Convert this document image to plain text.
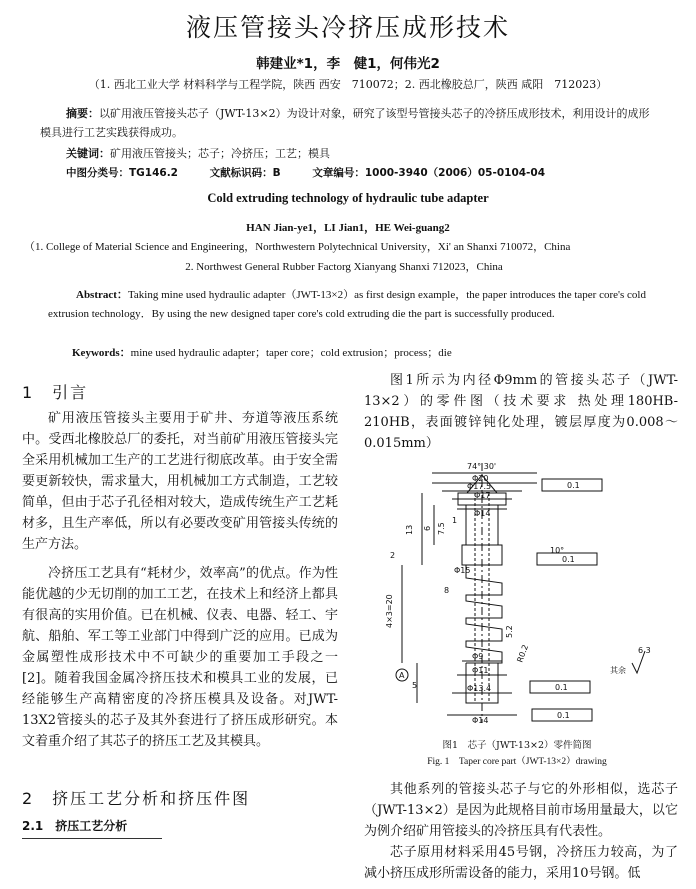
液压管接头冷挤压成形技术
韩建业*1，李　健1，何伟光2
（1. 西北工业大学 材料科学与工程学院，陕西 西安　710072；2. 西北橡胶总厂，陕西 咸阳　712023）
摘要：以矿用液压管接头芯子（JWT-13×2）为设计对象，研究了该型号管接头芯子的冷挤压成形技术，利用设计的成形模具进行工艺实践获得成功。
关键词：矿用液压管接头；芯子；冷挤压；工艺；模具
中图分类号：TG146.2	文献标识码：B	文章编号：1000-3940（2006）05-0104-04
Cold extruding technology of hydraulic tube adapter
HAN Jian-ye1，LI Jian1，HE Wei-guang2
（1. College of Material Science and Engineering，Northwestern Polytechnical University，Xi' an Shanxi 710072，China
2. Northwest General Rubber Factorg Xianyang Shanxi 712023，China
Abstract：Taking mine used hydraulic adapter（JWT-13×2）as first design example，the paper introduces the taper core's cold extrusion technology．By using the new designed taper core's cold extruding die the part is successfully produced.
Keywords：mine used hydraulic adapter；taper core；cold extrusion；process；die
1　引言

矿用液压管接头主要用于矿井、夯道等液压系统中。受西北橡胶总厂的委托，对当前矿用液压管接头完全采用机械加工生产的工艺进行彻底改革。由于安全需要更新较快，需求量大，用机械加工方式制造，工艺较简单，但由于芯子孔径相对较大，造成传统生产工艺耗材多，且生产率低，所以有必要改变矿用管接头传统的生产方法。

冷挤压工艺具有“耗材少，效率高”的优点。作为性能优越的少无切削的加工工艺，在技术上和经济上都具有很高的实用价值。已在机械、仪表、电器、轻工、宇航、船舶、军工等工业部门中得到广泛的应用。已成为金属塑性成形技术中不可缺少的重要加工手段之一[2]。随着我国金属冷挤压技术和模具工业的发展，已经能够生产高精密度的冷挤压模具及设备。对JWT-13X2管接头的芯子及其外套进行了挤压成形研究。本文着重介绍了其芯子的挤压工艺及其模具。

2　挤压工艺分析和挤压件图
2.1　挤压工艺分析

图1所示为内径Φ9mm的管接头芯子（JWT-13×2）的零件图（技术要求 热处理180HB-210HB，表面镀锌钝化处理，镀层厚度为0.008～0.015mm）

74° 30'
Φ20
Φ17.5
Φ17
Φ14
Φ15
10°
Φ9
Φ11
Φ13.4
Φ14
4×3=20
13 6 7.5
1
8
2
5
5.2
R0.2
A
0.1
0.1
0.1
0.1
其余
6.3
图1　芯子（JWT-13×2）零件简图
Fig. 1　Taper core part（JWT-13×2）drawing

其他系列的管接头芯子与它的外形相似，选芯子（JWT-13×2）是因为此规格目前市场用量最大，以它为例介绍矿用管接头的冷挤压具有代表性。

芯子原用材料采用45号钢，冷挤压力较高，为了减小挤压成形所需设备的能力，采用10号钢。低
